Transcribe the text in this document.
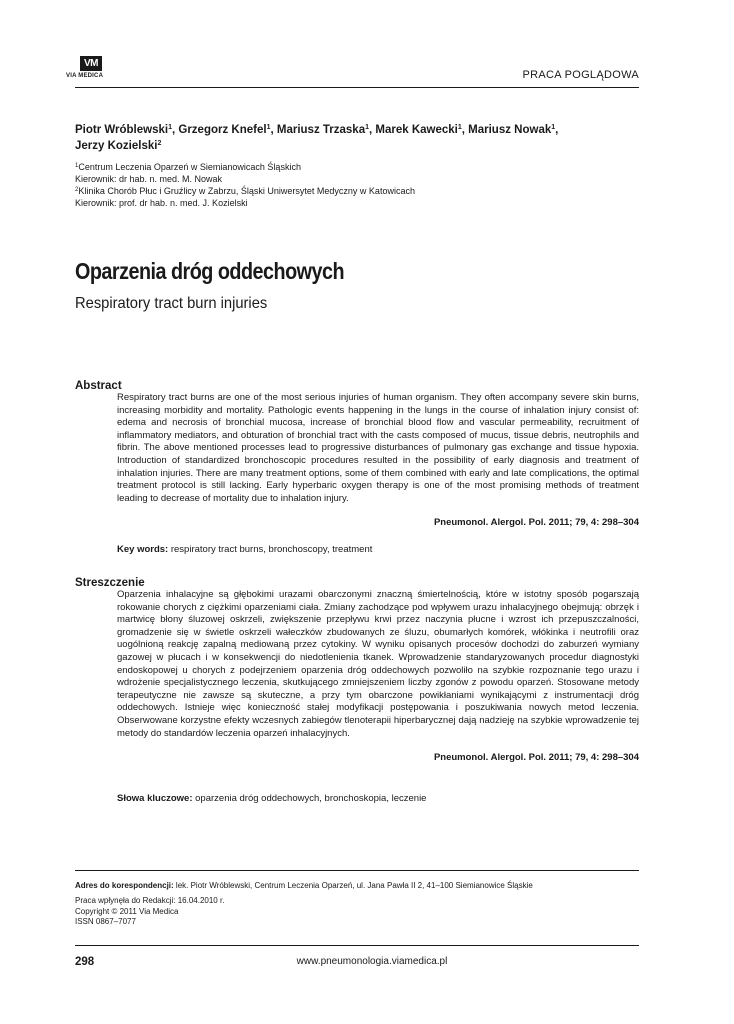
VM
VIA MEDICA	PRACA POGLĄDOWA
Piotr Wróblewski$^1$, Grzegorz Knefel$^1$, Mariusz Trzaska$^1$, Marek Kawecki$^1$, Mariusz Nowak$^1$,
Jerzy Kozielski$^2$
$^1$Centrum Leczenia Oparzeń w Siemianowicach Śląskich
Kierownik: dr hab. n. med. M. Nowak
$^2$Klinika Chorób Płuc i Gruźlicy w Zabrzu, Śląski Uniwersytet Medyczny w Katowicach
Kierownik: prof. dr hab. n. med. J. Kozielski
Oparzenia dróg oddechowych
Respiratory tract burn injuries
Abstract
Respiratory tract burns are one of the most serious injuries of human organism. They often accompany severe skin burns, increasing morbidity and mortality. Pathologic events happening in the lungs in the course of inhalation injury consist of: edema and necrosis of bronchial mucosa, increase of bronchial blood flow and vascular permeability, recruitment of inflammatory mediators, and obturation of bronchial tract with the casts composed of mucus, tissue debris, neutrophils and fibrin. The above mentioned processes lead to progressive disturbances of pulmonary gas exchange and tissue hypoxia. Introduction of standardized bronchoscopic procedures resulted in the possibility of early diagnosis and treatment of inhalation injuries. There are many treatment options, some of them combined with early and late complications, the optimal treatment protocol is still lacking. Early hyperbaric oxygen therapy is one of the most promising methods of treatment leading to decrease of mortality due to inhalation injury.
Pneumonol. Alergol. Pol. 2011; 79, 4: 298–304
Key words: respiratory tract burns, bronchoscopy, treatment
Streszczenie
Oparzenia inhalacyjne są głębokimi urazami obarczonymi znaczną śmiertelnością, które w istotny sposób pogarszają rokowanie chorych z ciężkimi oparzeniami ciała. Zmiany zachodzące pod wpływem urazu inhalacyjnego obejmują: obrzęk i martwicę błony śluzowej oskrzeli, zwiększenie przepływu krwi przez naczynia płucne i wzrost ich przepuszczalności, gromadzenie się w świetle oskrzeli wałeczków zbudowanych ze śluzu, obumarłych komórek, włókinka i neutrofili oraz uogólnioną reakcję zapalną mediowaną przez cytokiny. W wyniku opisanych procesów dochodzi do zaburzeń wymiany gazowej w płucach i w konsekwencji do niedotlenienia tkanek. Wprowadzenie standaryzowanych procedur diagnostyki endoskopowej u chorych z podejrzeniem oparzenia dróg oddechowych pozwoliło na szybkie rozpoznanie tego urazu i wdrożenie specjalistycznego leczenia, skutkującego zmniejszeniem liczby zgonów z powodu oparzeń. Stosowane metody terapeutyczne nie zawsze są skuteczne, a przy tym obarczone powikłaniami wynikającymi z instrumentacji dróg oddechowych. Istnieje więc konieczność stałej modyfikacji postępowania i poszukiwania nowych metod leczenia. Obserwowane korzystne efekty wczesnych zabiegów tlenoterapii hiperbarycznej dają nadzieję na szybkie wprowadzenie tej metody do standardów leczenia oparzeń inhalacyjnych.
Pneumonol. Alergol. Pol. 2011; 79, 4: 298–304
Słowa kluczowe: oparzenia dróg oddechowych, bronchoskopia, leczenie
Adres do korespondencji: lek. Piotr Wróblewski, Centrum Leczenia Oparzeń, ul. Jana Pawła II 2, 41–100 Siemianowice Śląskie
Praca wpłynęła do Redakcji: 16.04.2010 r.
Copyright © 2011 Via Medica
ISSN 0867–7077
www.pneumonologia.viamedica.pl
298
